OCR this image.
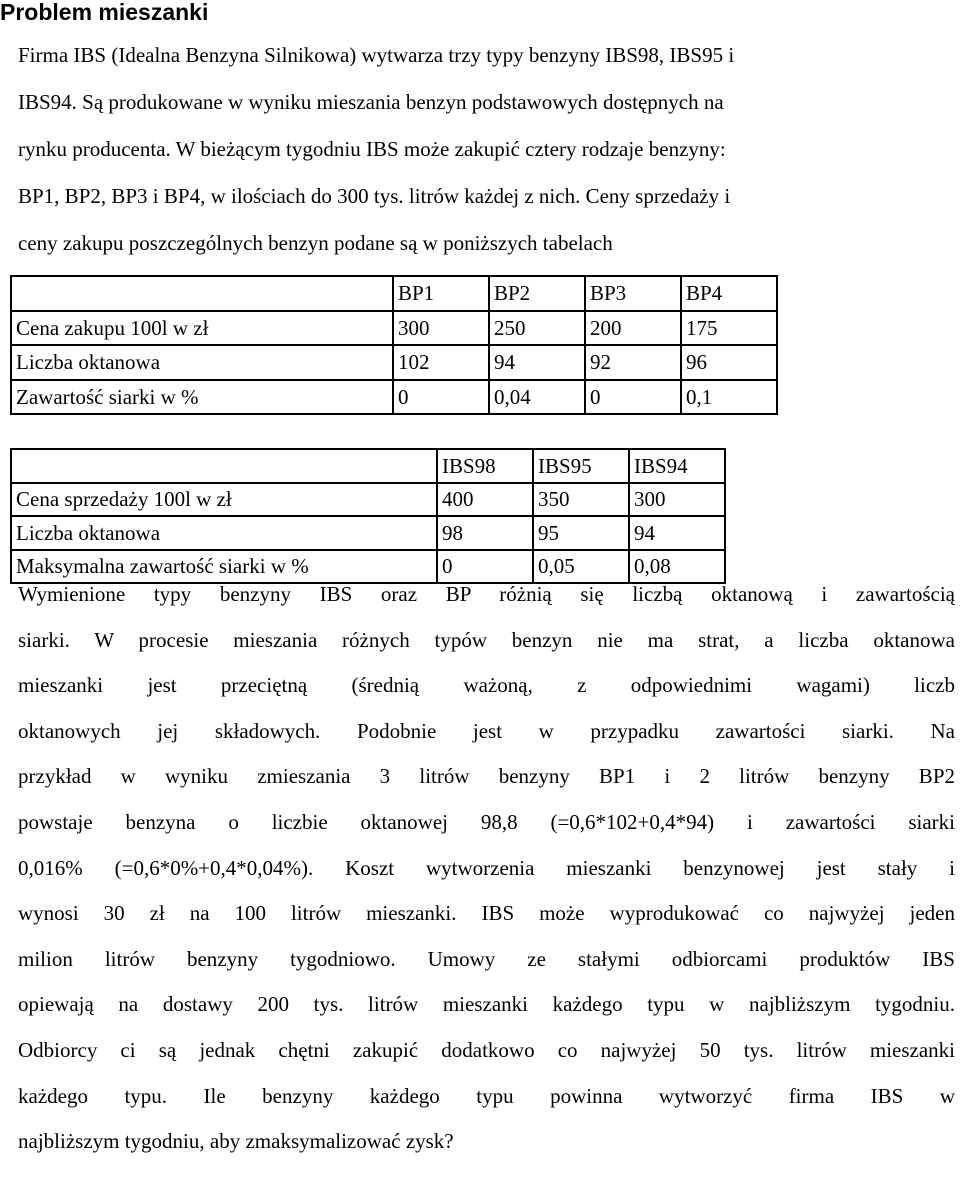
Problem mieszanki
Firma IBS (Idealna Benzyna Silnikowa) wytwarza trzy typy benzyny IBS98, IBS95 i
IBS94. Są produkowane w wyniku mieszania benzyn podstawowych dostępnych na
rynku producenta. W bieżącym tygodniu IBS może zakupić cztery rodzaje benzyny:
BP1, BP2, BP3 i BP4, w ilościach do 300 tys. litrów każdej z nich. Ceny sprzedaży i
ceny zakupu poszczególnych benzyn podane są w poniższych tabelach
	BP1	BP2	BP3	BP4
Cena zakupu 100l w zł	300	250	200	175
Liczba oktanowa	102	94	92	96
Zawartość siarki w %	0	0,04	0	0,1
	IBS98	IBS95	IBS94
Cena sprzedaży 100l w zł	400	350	300
Liczba oktanowa	98	95	94
Maksymalna zawartość siarki w %	0	0,05	0,08
Wymienione typy benzyny IBS oraz BP różnią się liczbą oktanową i zawartością
siarki. W procesie mieszania różnych typów benzyn nie ma strat, a liczba oktanowa
mieszanki jest przeciętną (średnią ważoną, z odpowiednimi wagami) liczb
oktanowych jej składowych. Podobnie jest w przypadku zawartości siarki. Na
przykład w wyniku zmieszania 3 litrów benzyny BP1 i 2 litrów benzyny BP2
powstaje benzyna o liczbie oktanowej 98,8 (=0,6*102+0,4*94) i zawartości siarki
0,016% (=0,6*0%+0,4*0,04%). Koszt wytworzenia mieszanki benzynowej jest stały i
wynosi 30 zł na 100 litrów mieszanki. IBS może wyprodukować co najwyżej jeden
milion litrów benzyny tygodniowo. Umowy ze stałymi odbiorcami produktów IBS
opiewają na dostawy 200 tys. litrów mieszanki każdego typu w najbliższym tygodniu.
Odbiorcy ci są jednak chętni zakupić dodatkowo co najwyżej 50 tys. litrów mieszanki
każdego typu. Ile benzyny każdego typu powinna wytworzyć firma IBS w
najbliższym tygodniu, aby zmaksymalizować zysk?
